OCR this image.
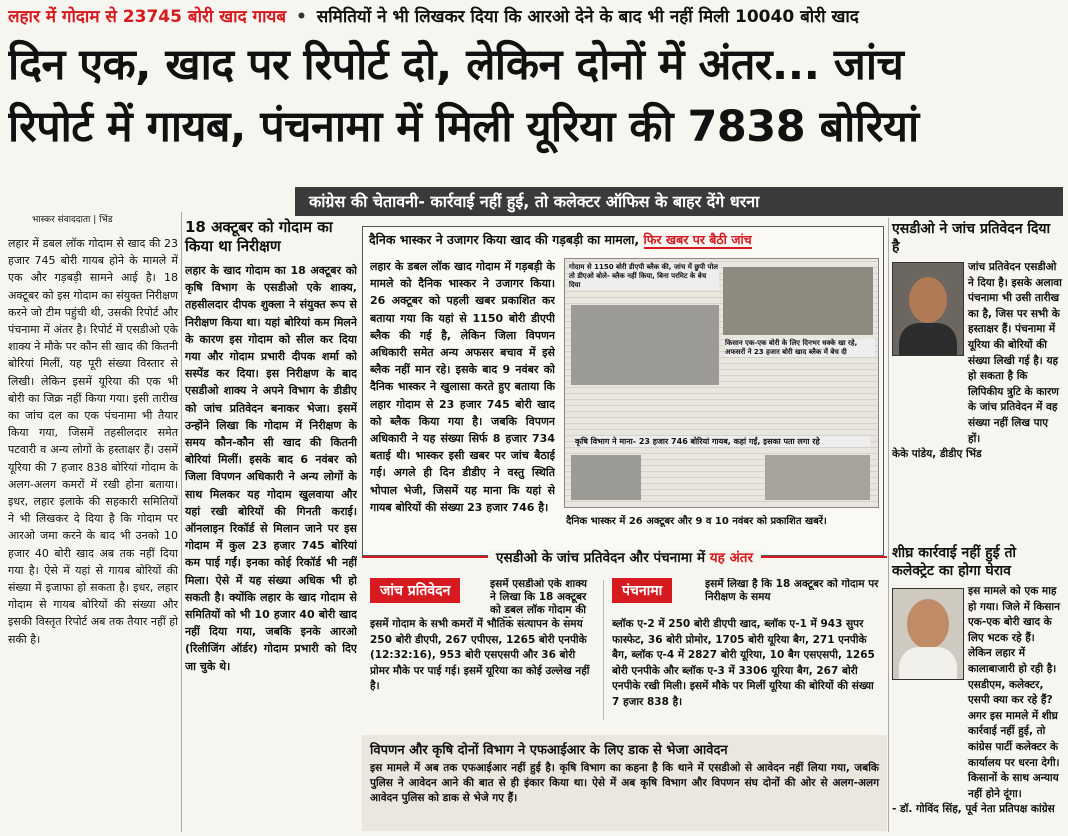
लहार में गोदाम से 23745 बोरी खाद गायब • समितियों ने भी लिखकर दिया कि आरओ देने के बाद भी नहीं मिली 10040 बोरी खाद
दिन एक, खाद पर रिपोर्ट दो, लेकिन दोनों में अंतर... जांच
रिपोर्ट में गायब, पंचनामा में मिली यूरिया की 7838 बोरियां
कांग्रेस की चेतावनी- कार्रवाई नहीं हुई, तो कलेक्टर ऑफिस के बाहर देंगे धरना
भास्कर संवाददाता | भिंड
लहार में डबल लॉक गोदाम से खाद की 23 हजार 745 बोरी गायब होने के मामले में एक और गड़बड़ी सामने आई है। 18 अक्टूबर को इस गोदाम का संयुक्त निरीक्षण करने जो टीम पहुंची थी, उसकी रिपोर्ट और पंचनामा में अंतर है। रिपोर्ट में एसडीओ एके शाक्य ने मौके पर कौन सी खाद की कितनी बोरियां मिलीं, यह पूरी संख्या विस्तार से लिखी। लेकिन इसमें यूरिया की एक भी बोरी का जिक्र नहीं किया गया। इसी तारीख का जांच दल का एक पंचनामा भी तैयार किया गया, जिसमें तहसीलदार समेत पटवारी व अन्य लोगों के हस्ताक्षर हैं। उसमें यूरिया की 7 हजार 838 बोरियां गोदाम के अलग-अलग कमरों में रखी होना बताया। इधर, लहार इलाके की सहकारी समितियों ने भी लिखकर दे दिया है कि गोदाम पर आरओ जमा करने के बाद भी उनको 10 हजार 40 बोरी खाद अब तक नहीं दिया गया है। ऐसे में यहां से गायब बोरियों की संख्या में इजाफा हो सकता है। इधर, लहार गोदाम से गायब बोरियों की संख्या और इसकी विस्तृत रिपोर्ट अब तक तैयार नहीं हो सकी है।
18 अक्टूबर को गोदाम का किया था निरीक्षण
लहार के खाद गोदाम का 18 अक्टूबर को कृषि विभाग के एसडीओ एके शाक्य, तहसीलदार दीपक शुक्ला ने संयुक्त रूप से निरीक्षण किया था। यहां बोरियां कम मिलने के कारण इस गोदाम को सील कर दिया गया और गोदाम प्रभारी दीपक शर्मा को सस्पेंड कर दिया। इस निरीक्षण के बाद एसडीओ शाक्य ने अपने विभाग के डीडीए को जांच प्रतिवेदन बनाकर भेजा। इसमें उन्होंने लिखा कि गोदाम में निरीक्षण के समय कौन-कौन सी खाद की कितनी बोरियां मिलीं। इसके बाद 6 नवंबर को जिला विपणन अधिकारी ने अन्य लोगों के साथ मिलकर यह गोदाम खुलवाया और यहां रखी बोरियों की गिनती कराई। ऑनलाइन रिकॉर्ड से मिलान जाने पर इस गोदाम में कुल 23 हजार 745 बोरियां कम पाई गईं। इनका कोई रिकॉर्ड भी नहीं मिला। ऐसे में यह संख्या अधिक भी हो सकती है। क्योंकि लहार के खाद गोदाम से समितियों को भी 10 हजार 40 बोरी खाद नहीं दिया गया, जबकि इनके आरओ (रिलीजिंग ऑर्डर) गोदाम प्रभारी को दिए जा चुके थे।
दैनिक भास्कर ने उजागर किया खाद की गड़बड़ी का मामला, फिर खबर पर बैठी जांच
लहार के डबल लॉक खाद गोदाम में गड़बड़ी के मामले को दैनिक भास्कर ने उजागर किया। 26 अक्टूबर को पहली खबर प्रकाशित कर बताया गया कि यहां से 1150 बोरी डीएपी ब्लैक की गई है, लेकिन जिला विपणन अधिकारी समेत अन्य अफसर बचाव में इसे ब्लैक नहीं मान रहे। इसके बाद 9 नवंबर को दैनिक भास्कर ने खुलासा करते हुए बताया कि लहार गोदाम से 23 हजार 745 बोरी खाद को ब्लैक किया गया है। जबकि विपणन अधिकारी ने यह संख्या सिर्फ 8 हजार 734 बताई थी। भास्कर इसी खबर पर जांच बैठाई गई। अगले ही दिन डीडीए ने वस्तु स्थिति भोपाल भेजी, जिसमें यह माना कि यहां से गायब बोरियों की संख्या 23 हजार 746 है।
गोदाम से 1150 बोरी डीएपी ब्लैक की, जांच में छुपी पोल तो डीएओ बोले- ब्लैक नहीं किया, बिना परमिट के बेच दिया
किसान एक-एक बोरी के लिए दिनभर धक्के खा रहे, अफसरों ने 23 हजार बोरी खाद ब्लैक में बेच दी
कृषि विभाग ने माना- 23 हजार 746 बोरियां गायब, कहां गईं, इसका पता लगा रहे
दैनिक भास्कर में 26 अक्टूबर और 9 व 10 नवंबर को प्रकाशित खबरें।
एसडीओ के जांच प्रतिवेदन और पंचनामा में यह अंतर
जांच प्रतिवेदन	इसमें एसडीओ एके शाक्य ने लिखा कि 18 अक्टूबर को डबल लॉक गोदाम की
इसमें गोदाम के सभी कमरों में भौतिक सत्यापन के समय 250 बोरी डीएपी, 267 एपीएस, 1265 बोरी एनपीके (12:32:16), 953 बोरी एसएसपी और 36 बोरी प्रोमर मौके पर पाई गई। इसमें यूरिया का कोई उल्लेख नहीं है।
पंचनामा	इसमें लिखा है कि 18 अक्टूबर को गोदाम पर निरीक्षण के समय
ब्लॉक ए-2 में 250 बोरी डीएपी खाद, ब्लॉक ए-1 में 943 सुपर फास्फेट, 36 बोरी प्रोमोर, 1705 बोरी यूरिया बैग, 271 एनपीके बैग, ब्लॉक ए-4 में 2827 बोरी यूरिया, 10 बैग एसएसपी, 1265 बोरी एनपीके और ब्लॉक ए-3 में 3306 यूरिया बैग, 267 बोरी एनपीके रखी मिली। इसमें मौके पर मिलीं यूरिया की बोरियों की संख्या 7 हजार 838 है।
विपणन और कृषि दोनों विभाग ने एफआईआर के लिए डाक से भेजा आवेदन
इस मामले में अब तक एफआईआर नहीं हुई है। कृषि विभाग का कहना है कि थाने में एसडीओ से आवेदन नहीं लिया गया, जबकि पुलिस ने आवेदन आने की बात से ही इंकार किया था। ऐसे में अब कृषि विभाग और विपणन संघ दोनों की ओर से अलग-अलग आवेदन पुलिस को डाक से भेजे गए हैं।
एसडीओ ने जांच प्रतिवेदन दिया है
जांच प्रतिवेदन एसडीओ ने दिया है। इसके अलावा पंचनामा भी उसी तारीख का है, जिस पर सभी के हस्ताक्षर हैं। पंचनामा में यूरिया की बोरियों की संख्या लिखी गई है। यह हो सकता है कि लिपिकीय त्रुटि के कारण के जांच प्रतिवेदन में वह संख्या नहीं लिख पाए हों।
केके पांडेय, डीडीए भिंड
शीघ्र कार्रवाई नहीं हुई तो कलेक्ट्रेट का होगा घेराव
इस मामले को एक माह हो गया। जिले में किसान एक-एक बोरी खाद के लिए भटक रहे हैं। लेकिन लहार में कालाबाजारी हो रही है। एसडीएम, कलेक्टर, एसपी क्या कर रहे हैं? अगर इस मामले में शीघ्र कार्रवाई नहीं हुई, तो कांग्रेस पार्टी कलेक्टर के कार्यालय पर धरना देगी। किसानों के साथ अन्याय नहीं होने दूंगा।
- डॉ. गोविंद सिंह, पूर्व नेता प्रतिपक्ष कांग्रेस
